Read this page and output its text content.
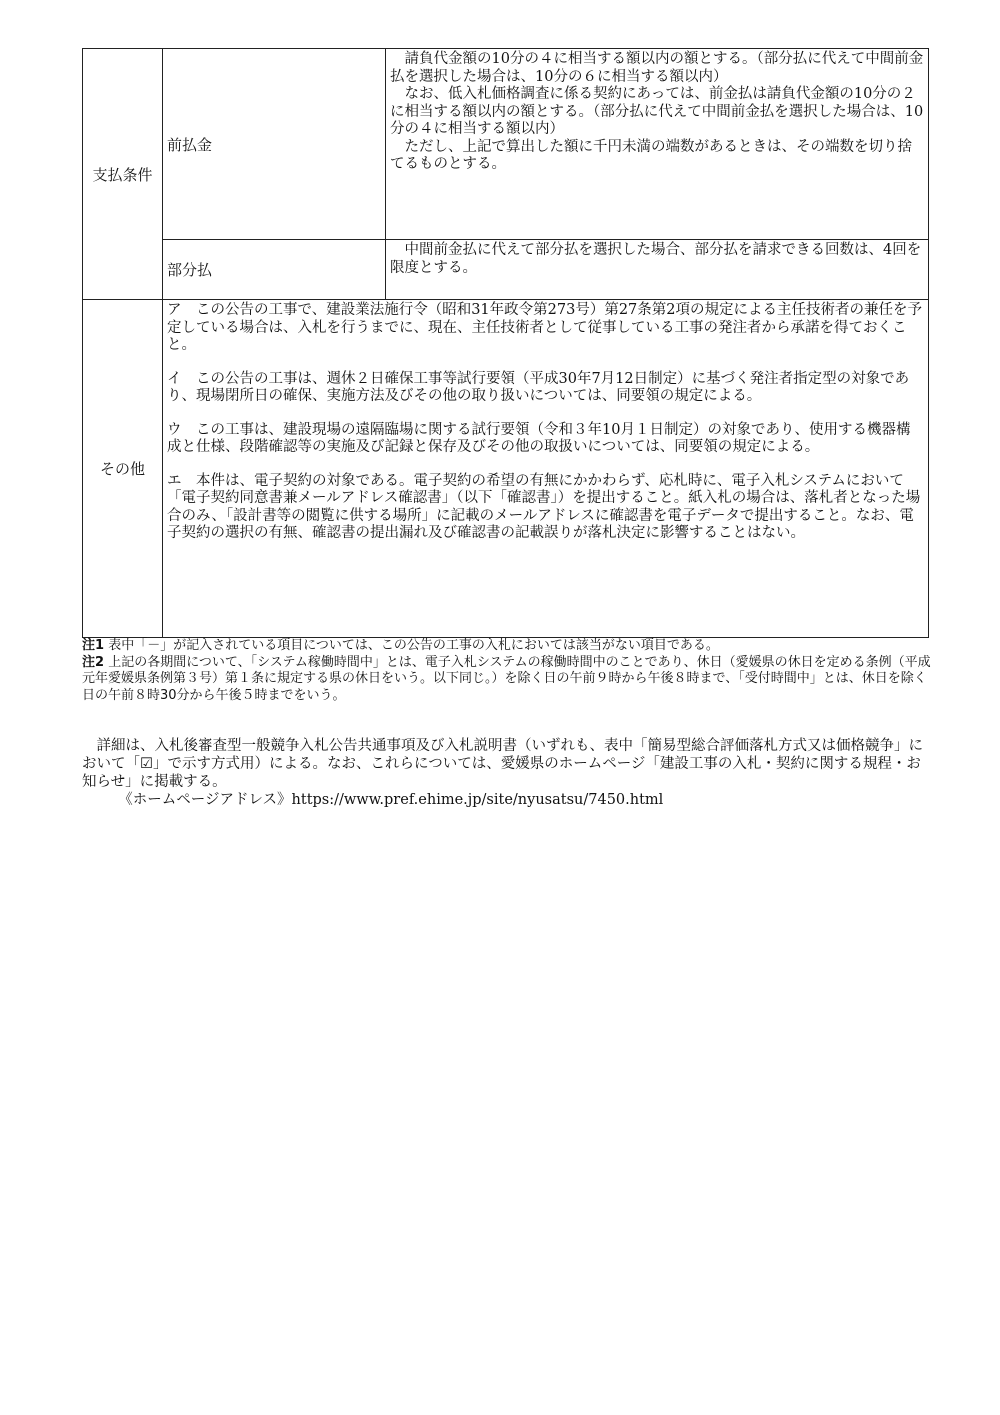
支払条件	前払金	請負代金額の10分の４に相当する額以内の額とする。（部分払に代えて中間前金払を選択した場合は、10分の６に相当する額以内）

なお、低入札価格調査に係る契約にあっては、前金払は請負代金額の10分の２に相当する額以内の額とする。（部分払に代えて中間前金払を選択した場合は、10分の４に相当する額以内）

ただし、上記で算出した額に千円未満の端数があるときは、その端数を切り捨てるものとする。

	部分払	中間前金払に代えて部分払を選択した場合、部分払を請求できる回数は、4回を限度とする。

その他	ア　この公告の工事で、建設業法施行令（昭和31年政令第273号）第27条第2項の規定による主任技術者の兼任を予定している場合は、入札を行うまでに、現在、主任技術者として従事している工事の発注者から承諾を得ておくこと。

イ　この公告の工事は、週休２日確保工事等試行要領（平成30年7月12日制定）に基づく発注者指定型の対象であり、現場閉所日の確保、実施方法及びその他の取り扱いについては、同要領の規定による。

ウ　この工事は、建設現場の遠隔臨場に関する試行要領（令和３年10月１日制定）の対象であり、使用する機器構成と仕様、段階確認等の実施及び記録と保存及びその他の取扱いについては、同要領の規定による。

エ　本件は、電子契約の対象である。電子契約の希望の有無にかかわらず、応札時に、電子入札システムにおいて「電子契約同意書兼メールアドレス確認書」（以下「確認書」）を提出すること。紙入札の場合は、落札者となった場合のみ、「設計書等の閲覧に供する場所」に記載のメールアドレスに確認書を電子データで提出すること。なお、電子契約の選択の有無、確認書の提出漏れ及び確認書の記載誤りが落札決定に影響することはない。	

注1 表中「－」が記入されている項目については、この公告の工事の入札においては該当がない項目である。
注2 上記の各期間について、「システム稼働時間中」とは、電子入札システムの稼働時間中のことであり、休日（愛媛県の休日を定める条例（平成元年愛媛県条例第３号）第１条に規定する県の休日をいう。以下同じ。）を除く日の午前９時から午後８時まで、「受付時間中」とは、休日を除く日の午前８時30分から午後５時までをいう。

詳細は、入札後審査型一般競争入札公告共通事項及び入札説明書（いずれも、表中「簡易型総合評価落札方式又は価格競争」において「☑」で示す方式用）による。なお、これらについては、愛媛県のホームページ「建設工事の入札・契約に関する規程・お知らせ」に掲載する。

《ホームページアドレス》https://www.pref.ehime.jp/site/nyusatsu/7450.html
